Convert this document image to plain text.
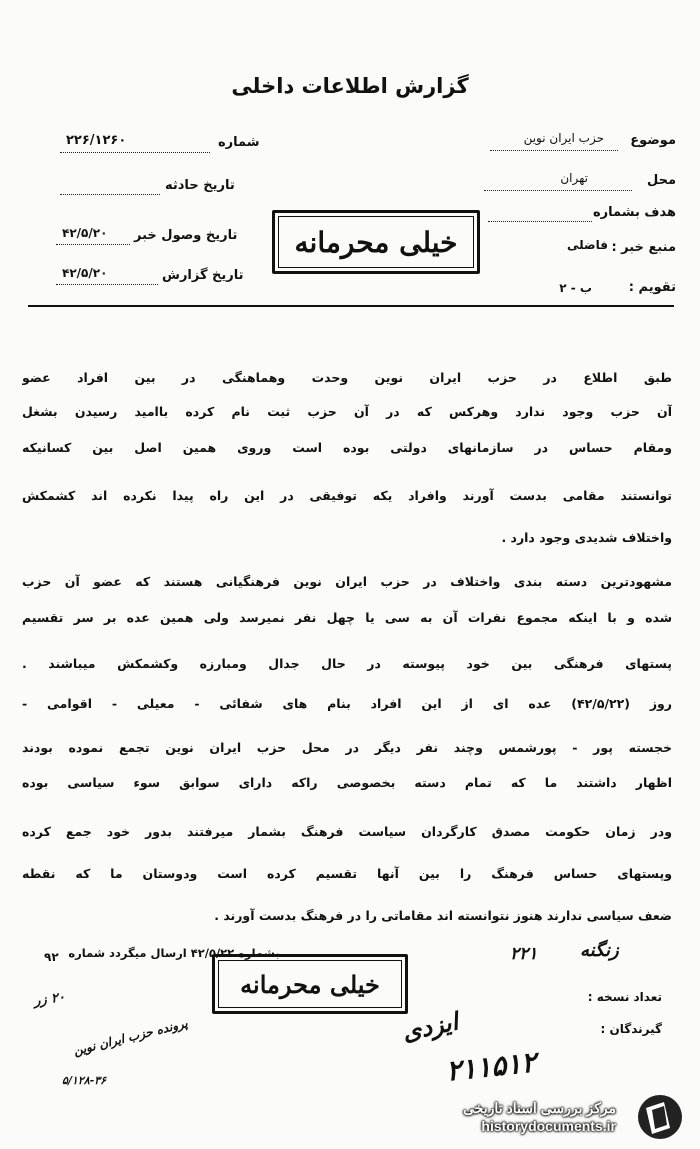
گزارش اطلاعات داخلی
موضوع
حزب ایران نوین
محل
تهران
هدف بشماره
منبع خبر :
فاضلی
تقویم :
ب - ۲
شماره
۲۲۶/۱۲۶۰
تاریخ حادثه
تاریخ وصول خبر
۴۲/۵/۲۰
تاریخ گزارش
۴۲/۵/۲۰
خیلی محرمانه
طبق اطلاع در حزب ایران نوین وحدت وهماهنگی در بین افراد عضو
آن حزب وجود ندارد وهرکس که در آن حزب ثبت نام کرده باامید رسیدن بشغل
ومقام حساس در سازمانهای دولتی بوده است وروی همین اصل بین کسانیکه
توانستند مقامی بدست آورند وافراد یکه توفیقی در این راه پیدا نکرده اند کشمکش
واختلاف شدیدی وجود دارد .
مشهودترین دسته بندی واختلاف در حزب ایران نوین فرهنگیانی هستند که عضو آن حزب
شده و با اینکه مجموع نفرات آن به سی یا چهل نفر نمیرسد ولی همین عده بر سر تقسیم
پستهای فرهنگی بین خود پیوسته در حال جدال ومبارزه وکشمکش میباشند .
روز (۴۲/۵/۲۲) عده ای از این افراد بنام های شفائی - معیلی - اقوامی -
خجسته پور - پورشمس وچند نفر دیگر در محل حزب ایران نوین تجمع نموده بودند
اظهار داشتند ما که تمام دسته بخصوصی راکه دارای سوابق سوء سیاسی بوده
ودر زمان حکومت مصدق کارگردان سیاست فرهنگ بشمار میرفتند بدور خود جمع کرده
وپستهای حساس فرهنگ را بین آنها تقسیم کرده است ودوستان ما که نقطه
ضعف سیاسی ندارند هنوز نتوانسته اند مقاماتی را در فرهنگ بدست آورند .
۹۲ بشماره ۴۲/۵/۲۲ ارسال میگردد شماره
خیلی محرمانه
زنگنه
۲۲۱
ایزدی
۲۱۱۵۱۲
تعداد نسخه :
گیرندگان :
۲۰ زر
پرونده حزب ایران نوین
۵/۱۲۸-۳۶
مرکز بررسی اسناد تاریخی
historydocuments.ir
